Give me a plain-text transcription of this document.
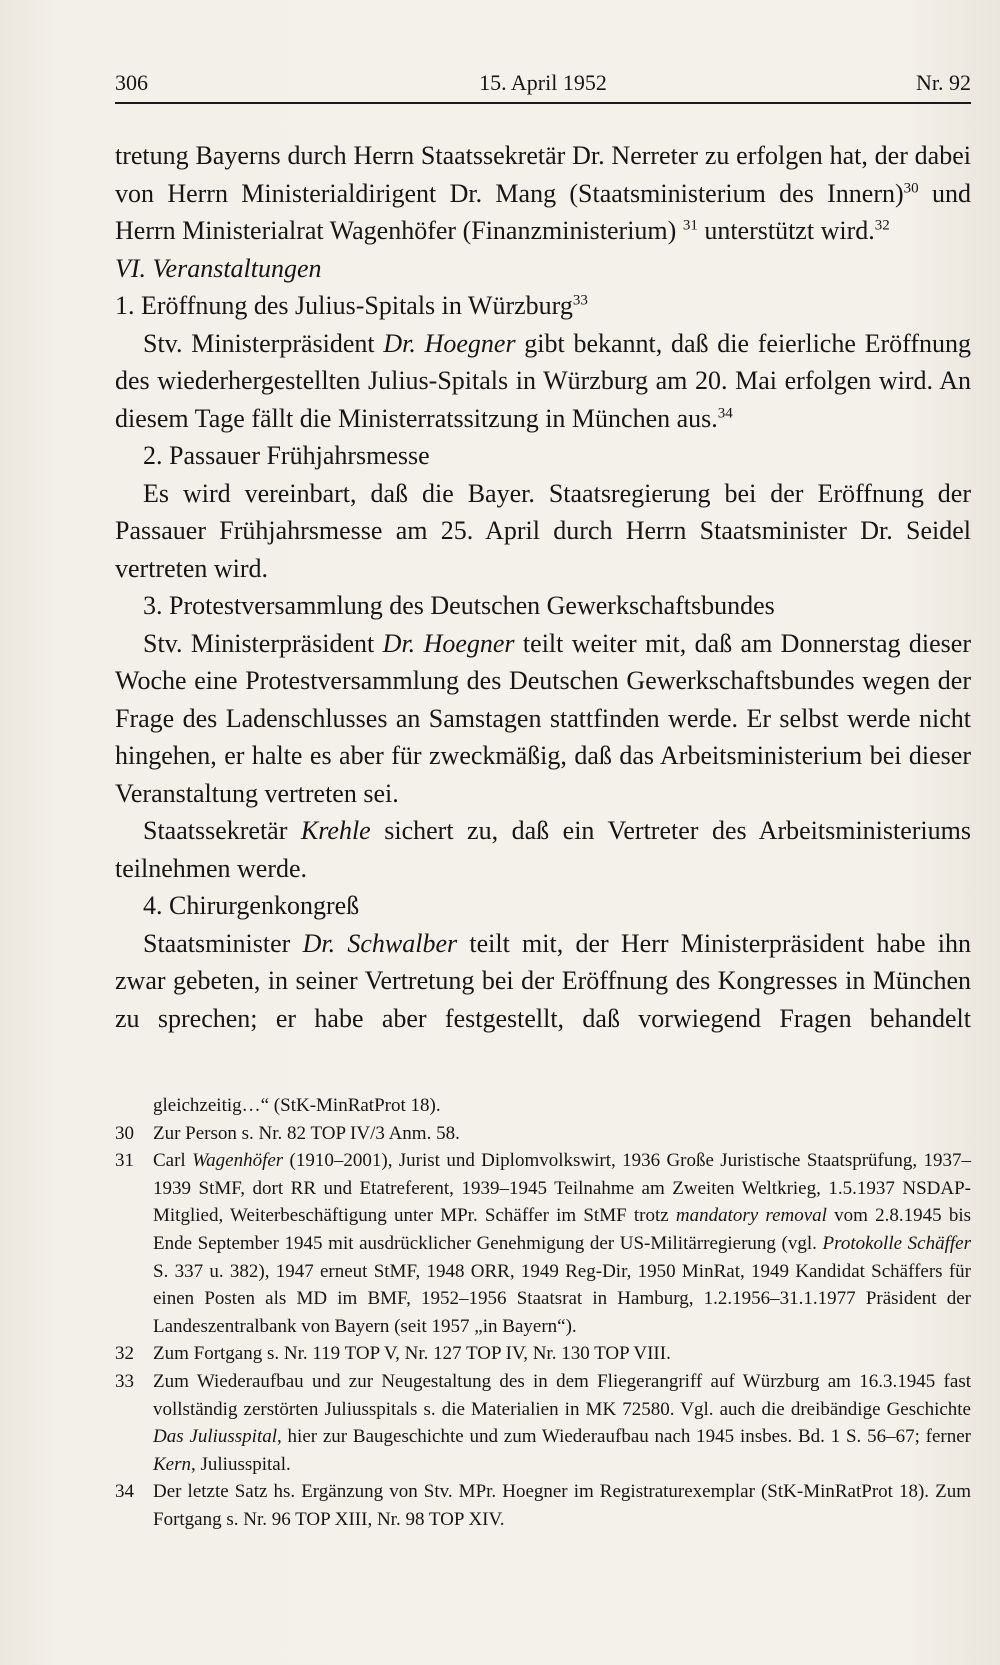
306	15. April 1952	Nr. 92

tretung Bayerns durch Herrn Staatssekretär Dr. Nerreter zu erfolgen hat, der dabei von Herrn Ministerialdirigent Dr. Mang (Staatsministerium des Innern)$^{30}$ und Herrn Ministerialrat Wagenhöfer (Finanzministerium) $^{31}$ unterstützt wird.$^{32}$

VI. Veranstaltungen

1. Eröffnung des Julius-Spitals in Würzburg$^{33}$

Stv. Ministerpräsident Dr. Hoegner gibt bekannt, daß die feierliche Eröffnung des wiederhergestellten Julius-Spitals in Würzburg am 20. Mai erfolgen wird. An diesem Tage fällt die Ministerratssitzung in München aus.$^{34}$

2. Passauer Frühjahrsmesse

Es wird vereinbart, daß die Bayer. Staatsregierung bei der Eröffnung der Passauer Frühjahrsmesse am 25. April durch Herrn Staatsminister Dr. Seidel vertreten wird.

3. Protestversammlung des Deutschen Gewerkschaftsbundes

Stv. Ministerpräsident Dr. Hoegner teilt weiter mit, daß am Donnerstag dieser Woche eine Protestversammlung des Deutschen Gewerkschaftsbundes wegen der Frage des Ladenschlusses an Samstagen stattfinden werde. Er selbst werde nicht hingehen, er halte es aber für zweckmäßig, daß das Arbeitsministerium bei dieser Veranstaltung vertreten sei.

Staatssekretär Krehle sichert zu, daß ein Vertreter des Arbeitsministeriums teilnehmen werde.

4. Chirurgenkongreß

Staatsminister Dr. Schwalber teilt mit, der Herr Ministerpräsident habe ihn zwar gebeten, in seiner Vertretung bei der Eröffnung des Kongresses in München zu sprechen; er habe aber festgestellt, daß vorwiegend Fragen behandelt

gleichzeitig…“ (StK-MinRatProt 18).
30 Zur Person s. Nr. 82 TOP IV/3 Anm. 58.
31 Carl Wagenhöfer (1910–2001), Jurist und Diplomvolkswirt, 1936 Große Juristische Staatsprüfung, 1937–1939 StMF, dort RR und Etatreferent, 1939–1945 Teilnahme am Zweiten Weltkrieg, 1.5.1937 NSDAP-Mitglied, Weiterbeschäftigung unter MPr. Schäffer im StMF trotz mandatory removal vom 2.8.1945 bis Ende September 1945 mit ausdrücklicher Genehmigung der US-Militärregierung (vgl. Protokolle Schäffer S. 337 u. 382), 1947 erneut StMF, 1948 ORR, 1949 Reg-Dir, 1950 MinRat, 1949 Kandidat Schäffers für einen Posten als MD im BMF, 1952–1956 Staatsrat in Hamburg, 1.2.1956–31.1.1977 Präsident der Landeszentralbank von Bayern (seit 1957 „in Bayern“).
32 Zum Fortgang s. Nr. 119 TOP V, Nr. 127 TOP IV, Nr. 130 TOP VIII.
33 Zum Wiederaufbau und zur Neugestaltung des in dem Fliegerangriff auf Würzburg am 16.3.1945 fast vollständig zerstörten Juliusspitals s. die Materialien in MK 72580. Vgl. auch die dreibändige Geschichte Das Juliusspital, hier zur Baugeschichte und zum Wiederaufbau nach 1945 insbes. Bd. 1 S. 56–67; ferner Kern, Juliusspital.
34 Der letzte Satz hs. Ergänzung von Stv. MPr. Hoegner im Registraturexemplar (StK-MinRatProt 18). Zum Fortgang s. Nr. 96 TOP XIII, Nr. 98 TOP XIV.
